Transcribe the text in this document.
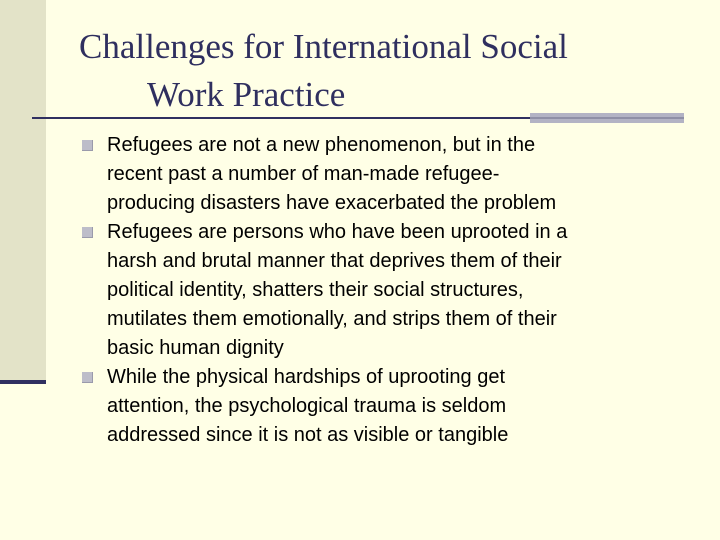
Challenges for International Social
Work Practice
Refugees are not a new phenomenon, but in the
recent past a number of man-made refugee-
producing disasters have exacerbated the problem
Refugees are persons who have been uprooted in a
harsh and brutal manner that deprives them of their
political identity, shatters their social structures,
mutilates them emotionally, and strips them of their
basic human dignity
While the physical hardships of uprooting get
attention, the psychological trauma is seldom
addressed since it is not as visible or tangible
